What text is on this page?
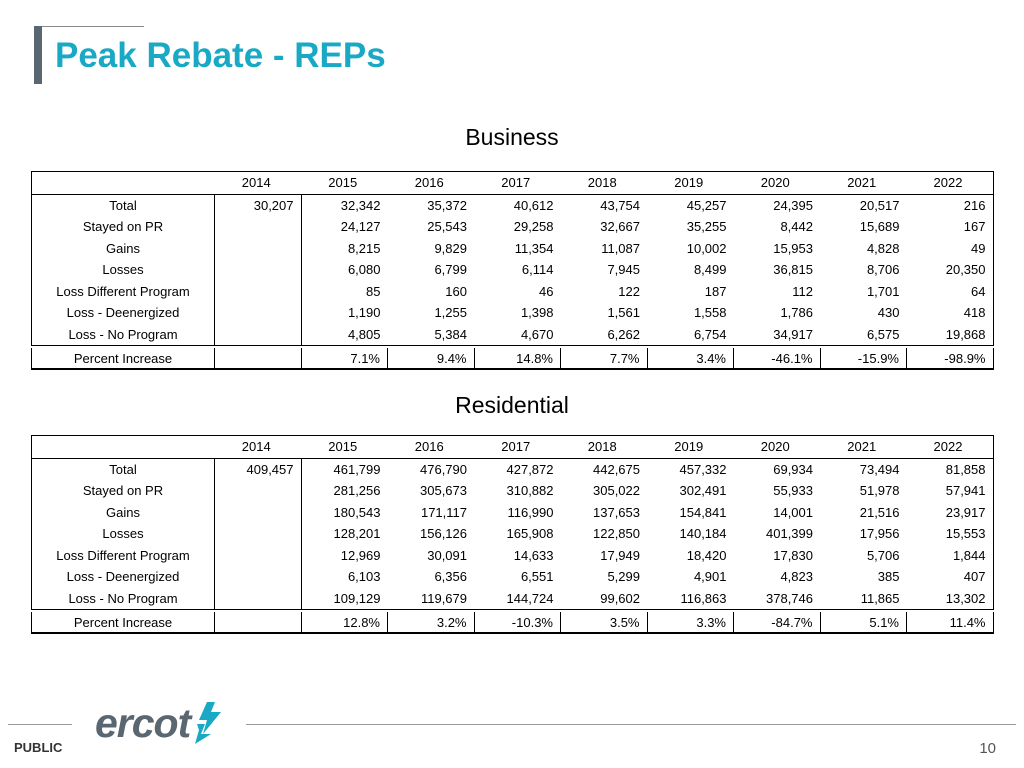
Peak Rebate - REPs
Business
	2014	2015	2016	2017	2018	2019	2020	2021	2022
Total	30,207	32,342	35,372	40,612	43,754	45,257	24,395	20,517	216
Stayed on PR		24,127	25,543	29,258	32,667	35,255	8,442	15,689	167
Gains		8,215	9,829	11,354	11,087	10,002	15,953	4,828	49
Losses		6,080	6,799	6,114	7,945	8,499	36,815	8,706	20,350
Loss Different Program		85	160	46	122	187	112	1,701	64
Loss - Deenergized		1,190	1,255	1,398	1,561	1,558	1,786	430	418
Loss - No Program		4,805	5,384	4,670	6,262	6,754	34,917	6,575	19,868

Percent Increase		7.1%	9.4%	14.8%	7.7%	3.4%	-46.1%	-15.9%	-98.9%
Residential
	2014	2015	2016	2017	2018	2019	2020	2021	2022
Total	409,457	461,799	476,790	427,872	442,675	457,332	69,934	73,494	81,858
Stayed on PR		281,256	305,673	310,882	305,022	302,491	55,933	51,978	57,941
Gains		180,543	171,117	116,990	137,653	154,841	14,001	21,516	23,917
Losses		128,201	156,126	165,908	122,850	140,184	401,399	17,956	15,553
Loss Different Program		12,969	30,091	14,633	17,949	18,420	17,830	5,706	1,844
Loss - Deenergized		6,103	6,356	6,551	5,299	4,901	4,823	385	407
Loss - No Program		109,129	119,679	144,724	99,602	116,863	378,746	11,865	13,302

Percent Increase		12.8%	3.2%	-10.3%	3.5%	3.3%	-84.7%	5.1%	11.4%
ercot
PUBLIC	10
